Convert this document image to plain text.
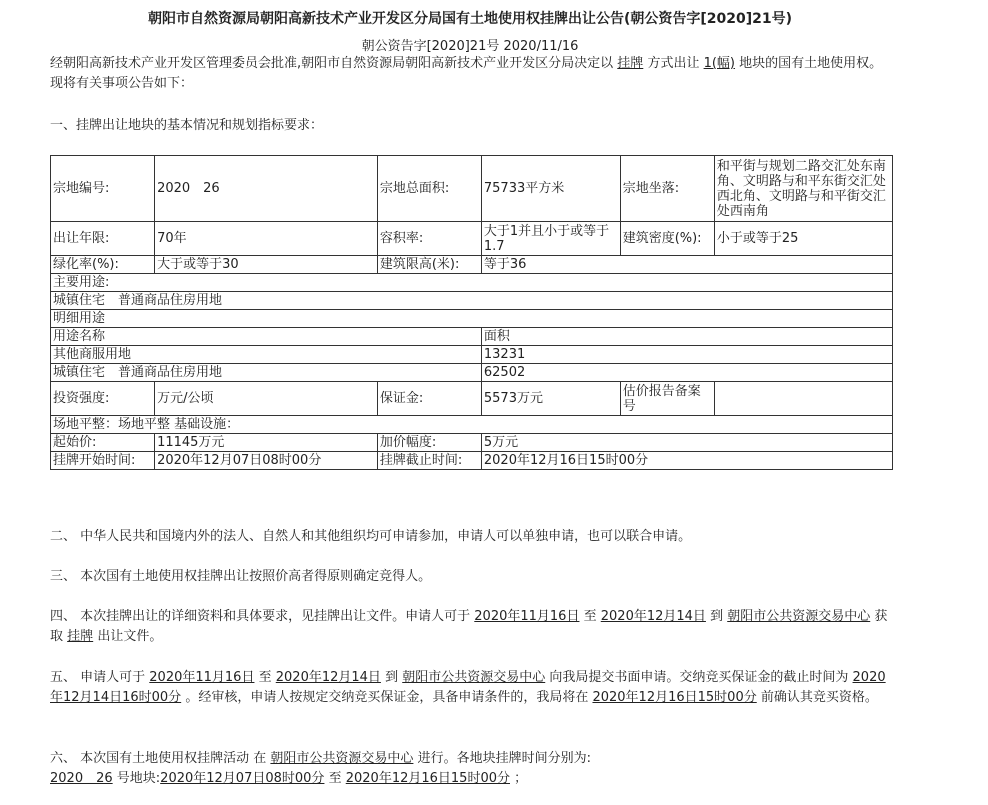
朝阳市自然资源局朝阳高新技术产业开发区分局国有土地使用权挂牌出让公告(朝公资告字[2020]21号)
朝公资告字[2020]21号 2020/11/16
经朝阳高新技术产业开发区管理委员会批准,朝阳市自然资源局朝阳高新技术产业开发区分局决定以 挂牌 方式出让 1(幅) 地块的国有土地使用权。现将有关事项公告如下：
一、挂牌出让地块的基本情况和规划指标要求：
宗地编号:	2020　26	宗地总面积:	75733平方米	宗地坐落:	和平街与规划二路交汇处东南角、文明路与和平东街交汇处西北角、文明路与和平街交汇处西南角
出让年限:	70年	容积率:	大于1并且小于或等于1.7	建筑密度(%):	小于或等于25
绿化率(%):	大于或等于30	建筑限高(米):	等于36		
主要用途:					
城镇住宅　普通商品住房用地					
明细用途					
用途名称			面积		
其他商服用地			13231		
城镇住宅　普通商品住房用地			62502		
投资强度:	万元/公顷	保证金:	5573万元	估价报告备案号	
场地平整：场地平整 基础设施：					
起始价:	11145万元	加价幅度:	5万元		
挂牌开始时间:	2020年12月07日08时00分	挂牌截止时间:	2020年12月16日15时00分		
二、 中华人民共和国境内外的法人、自然人和其他组织均可申请参加，申请人可以单独申请，也可以联合申请。
三、 本次国有土地使用权挂牌出让按照价高者得原则确定竞得人。
四、 本次挂牌出让的详细资料和具体要求，见挂牌出让文件。申请人可于 2020年11月16日 至 2020年12月14日 到 朝阳市公共资源交易中心 获取 挂牌 出让文件。
五、 申请人可于 2020年11月16日 至 2020年12月14日 到 朝阳市公共资源交易中心 向我局提交书面申请。交纳竞买保证金的截止时间为 2020年12月14日16时00分 。经审核，申请人按规定交纳竞买保证金，具备申请条件的，我局将在 2020年12月16日15时00分 前确认其竞买资格。
六、 本次国有土地使用权挂牌活动 在 朝阳市公共资源交易中心 进行。各地块挂牌时间分别为:
2020　26 号地块:2020年12月07日08时00分 至 2020年12月16日15时00分 ；
